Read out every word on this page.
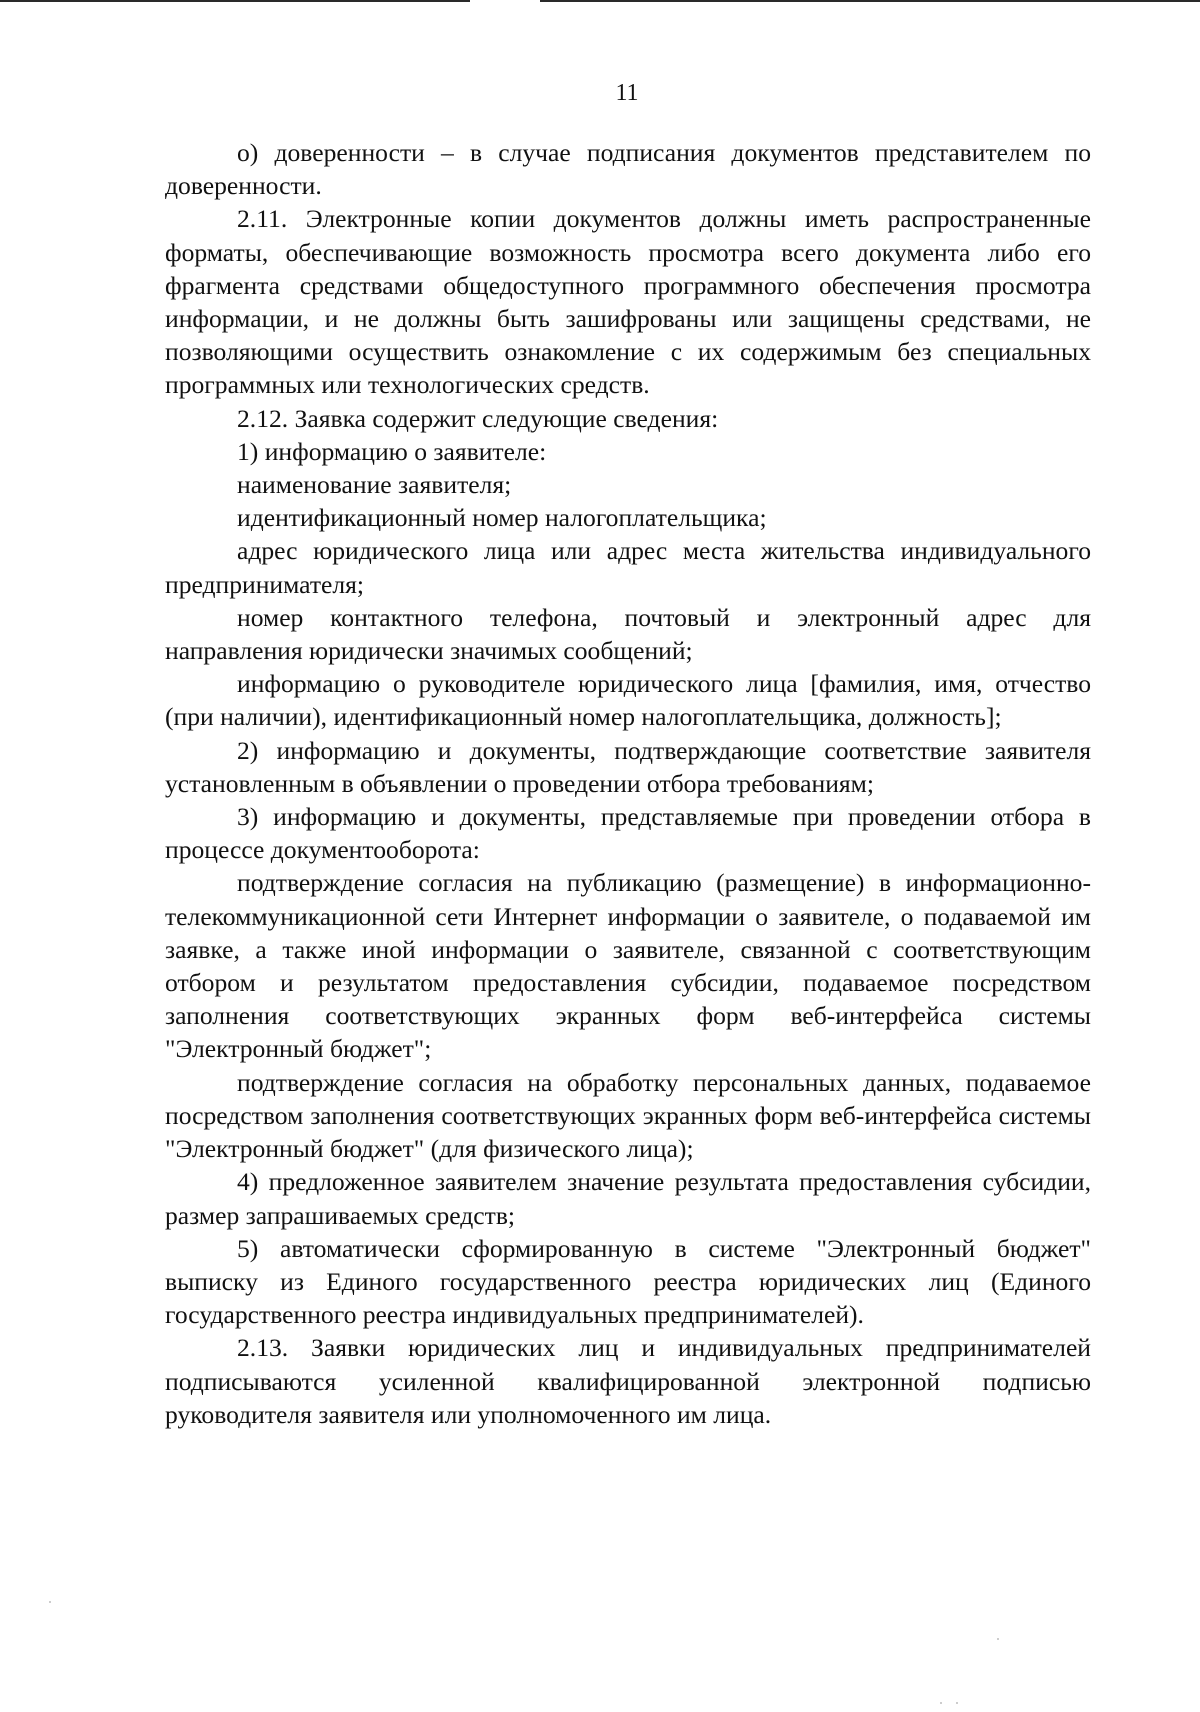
11

о) доверенности – в случае подписания документов представителем по доверенности.

2.11. Электронные копии документов должны иметь распространенные форматы, обеспечивающие возможность просмотра всего документа либо его фрагмента средствами общедоступного программного обеспечения просмотра информации, и не должны быть зашифрованы или защищены средствами, не позволяющими осуществить ознакомление с их содержимым без специальных программных или технологических средств.

2.12. Заявка содержит следующие сведения:

1) информацию о заявителе:

наименование заявителя;

идентификационный номер налогоплательщика;

адрес юридического лица или адрес места жительства индивидуального предпринимателя;

номер контактного телефона, почтовый и электронный адрес для направления юридически значимых сообщений;

информацию о руководителе юридического лица [фамилия, имя, отчество (при наличии), идентификационный номер налогоплательщика, должность];

2) информацию и документы, подтверждающие соответствие заявителя установленным в объявлении о проведении отбора требованиям;

3) информацию и документы, представляемые при проведении отбора в процессе документооборота:

подтверждение согласия на публикацию (размещение) в информационно-телекоммуникационной сети Интернет информации о заявителе, о подаваемой им заявке, а также иной информации о заявителе, связанной с соответствующим отбором и результатом предоставления субсидии, подаваемое посредством заполнения соответствующих экранных форм веб-интерфейса системы "Электронный бюджет";

подтверждение согласия на обработку персональных данных, подаваемое посредством заполнения соответствующих экранных форм веб-интерфейса системы "Электронный бюджет" (для физического лица);

4) предложенное заявителем значение результата предоставления субсидии, размер запрашиваемых средств;

5) автоматически сформированную в системе "Электронный бюджет" выписку из Единого государственного реестра юридических лиц (Единого государственного реестра индивидуальных предпринимателей).

2.13. Заявки юридических лиц и индивидуальных предпринимателей подписываются усиленной квалифицированной электронной подписью руководителя заявителя или уполномоченного им лица.
